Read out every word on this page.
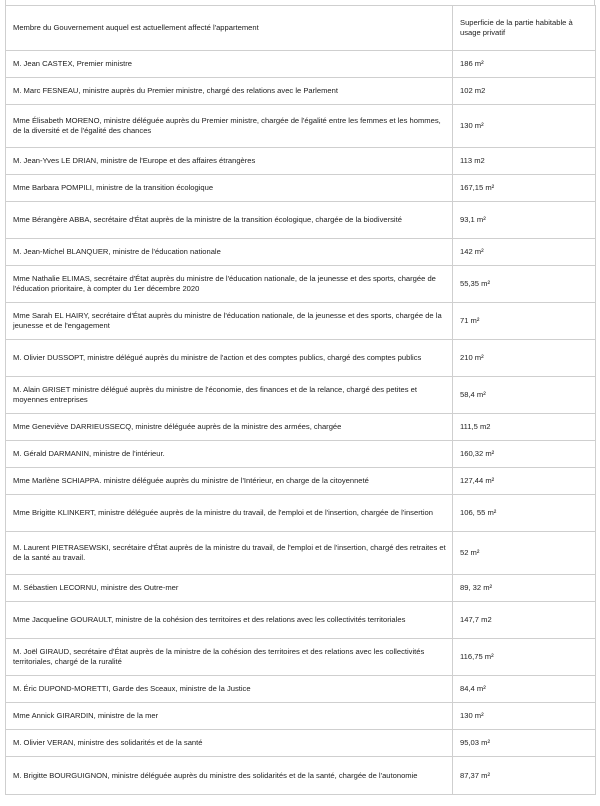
Membre du Gouvernement auquel est actuellement affecté l'appartement	Superficie de la partie habitable à usage privatif
M. Jean CASTEX, Premier ministre	186 m²
M. Marc FESNEAU, ministre auprès du Premier ministre, chargé des relations avec le Parlement	102 m2
Mme Élisabeth MORENO, ministre déléguée auprès du Premier ministre, chargée de l'égalité entre les femmes et les hommes, de la diversité et de l'égalité des chances	130 m²
M. Jean-Yves LE DRIAN, ministre de l'Europe et des affaires étrangères	113 m2
Mme Barbara POMPILI, ministre de la transition écologique	167,15 m²
Mme Bérangère ABBA, secrétaire d'État auprès de la ministre de la transition écologique, chargée de la biodiversité	93,1 m²
M. Jean-Michel BLANQUER, ministre de l'éducation nationale	142 m²
Mme Nathalie ELIMAS, secrétaire d'État auprès du ministre de l'éducation nationale, de la jeunesse et des sports, chargée de l'éducation prioritaire, à compter du 1er décembre 2020	55,35 m²
Mme Sarah EL HAIRY, secrétaire d'État auprès du ministre de l'éducation nationale, de la jeunesse et des sports, chargée de la jeunesse et de l'engagement	71 m²
M. Olivier DUSSOPT, ministre délégué auprès du ministre de l'action et des comptes publics, chargé des comptes publics	210 m²
M. Alain GRISET ministre délégué auprès du ministre de l'économie, des finances et de la relance, chargé des petites et moyennes entreprises	58,4 m²
Mme Geneviève DARRIEUSSECQ, ministre déléguée auprès de la ministre des armées, chargée	111,5 m2
M. Gérald DARMANIN, ministre de l'intérieur.	160,32 m²
Mme Marlène SCHIAPPA. ministre déléguée auprès du ministre de l'Intérieur, en charge de la citoyenneté	127,44 m²
Mme Brigitte KLINKERT, ministre déléguée auprès de la ministre du travail, de l'emploi et de l'insertion, chargée de l'insertion	106, 55 m²
M. Laurent PIETRASEWSKI, secrétaire d'État auprès de la ministre du travail, de l'emploi et de l'insertion, chargé des retraites et de la santé au travail.	52 m²
M. Sébastien LECORNU, ministre des Outre-mer	89, 32 m²
Mme Jacqueline GOURAULT, ministre de la cohésion des territoires et des relations avec les collectivités territoriales	147,7 m2
M. Joël GIRAUD, secrétaire d'État auprès de la ministre de la cohésion des territoires et des relations avec les collectivités territoriales, chargé de la ruralité	116,75 m²
M. Éric DUPOND-MORETTI, Garde des Sceaux, ministre de la Justice	84,4 m²
Mme Annick GIRARDIN, ministre de la mer	130 m²
M. Olivier VERAN, ministre des solidarités et de la santé	95,03 m²
M. Brigitte BOURGUIGNON, ministre déléguée auprès du ministre des solidarités et de la santé, chargée de l'autonomie	87,37 m²
